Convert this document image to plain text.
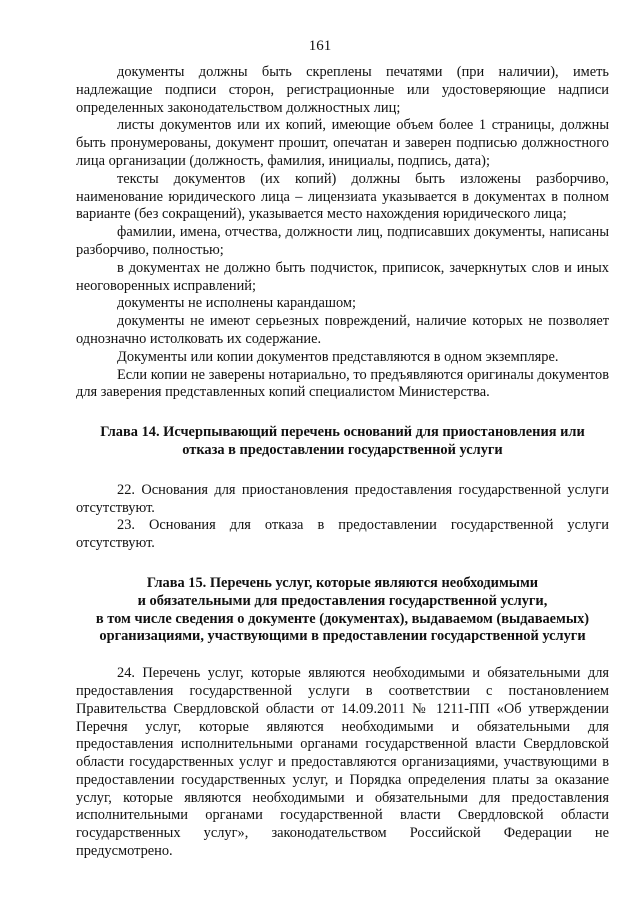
161

документы должны быть скреплены печатями (при наличии), иметь надлежащие подписи сторон, регистрационные или удостоверяющие надписи определенных законодательством должностных лиц;

листы документов или их копий, имеющие объем более 1 страницы, должны быть пронумерованы, документ прошит, опечатан и заверен подписью должностного лица организации (должность, фамилия, инициалы, подпись, дата);

тексты документов (их копий) должны быть изложены разборчиво, наименование юридического лица – лицензиата указывается в документах в полном варианте (без сокращений), указывается место нахождения юридического лица;

фамилии, имена, отчества, должности лиц, подписавших документы, написаны разборчиво, полностью;

в документах не должно быть подчисток, приписок, зачеркнутых слов и иных неоговоренных исправлений;

документы не исполнены карандашом;

документы не имеют серьезных повреждений, наличие которых не позволяет однозначно истолковать их содержание.

Документы или копии документов представляются в одном экземпляре.

Если копии не заверены нотариально, то предъявляются оригиналы документов для заверения представленных копий специалистом Министерства.

Глава 14. Исчерпывающий перечень оснований для приостановления или
отказа в предоставлении государственной услуги

22. Основания для приостановления предоставления государственной услуги отсутствуют.

23. Основания для отказа в предоставлении государственной услуги отсутствуют.

Глава 15. Перечень услуг, которые являются необходимыми
и обязательными для предоставления государственной услуги,
в том числе сведения о документе (документах), выдаваемом (выдаваемых)
организациями, участвующими в предоставлении государственной услуги

24. Перечень услуг, которые являются необходимыми и обязательными для предоставления государственной услуги в соответствии с постановлением Правительства Свердловской области от 14.09.2011 № 1211-ПП «Об утверждении Перечня услуг, которые являются необходимыми и обязательными для предоставления исполнительными органами государственной власти Свердловской области государственных услуг и предоставляются организациями, участвующими в предоставлении государственных услуг, и Порядка определения платы за оказание услуг, которые являются необходимыми и обязательными для предоставления исполнительными органами государственной власти Свердловской области государственных услуг», законодательством Российской Федерации не предусмотрено.
